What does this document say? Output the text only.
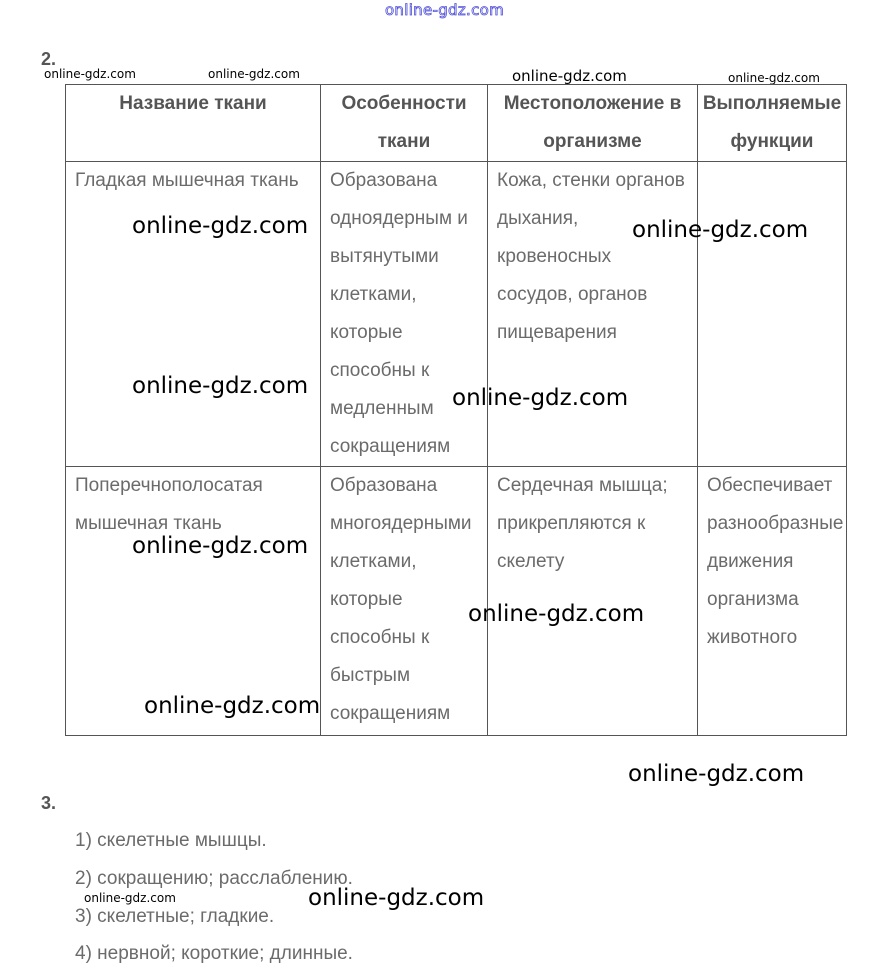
online-gdz.com
2.
online-gdz.com	online-gdz.com	online-gdz.com	online-gdz.com
Название ткани	Особенности ткани	Местоположение в организме	Выполняемые функции

Гладкая мышечная ткань	Образована одноядерным и вытянутыми клетками, которые способны к медленным сокращениям	Кожа, стенки органов дыхания, кровеносных сосудов, органов пищеварения	

Поперечнополосатая мышечная ткань	Образована многоядерными клетками, которые способны к быстрым сокращениям	Сердечная мышца; прикрепляются к скелету	Обеспечивает разнообразные движения организма животного
online-gdz.com	online-gdz.com
online-gdz.com	online-gdz.com
online-gdz.com
online-gdz.com
online-gdz.com
online-gdz.com
3.
1) скелетные мышцы.
2) сокращению; расслаблению.
3) скелетные; гладкие.
4) нервной; короткие; длинные.
online-gdz.com	online-gdz.com
